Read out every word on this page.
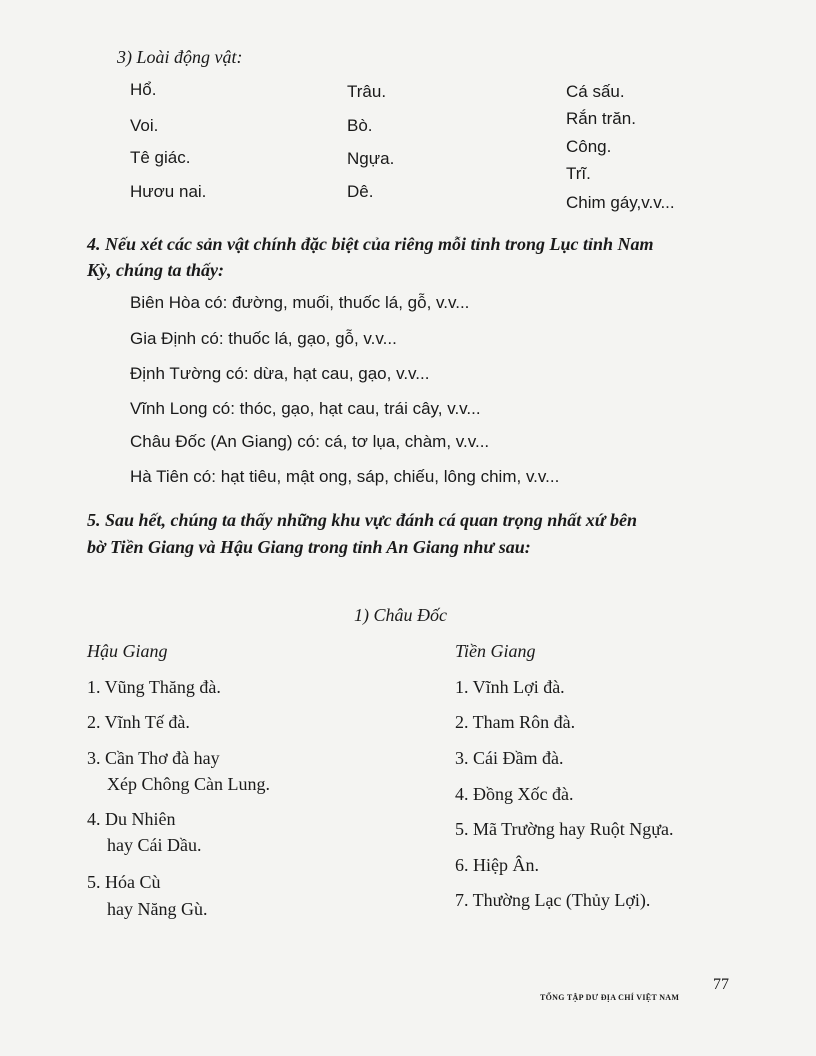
3) Loài động vật:
Hổ.
Voi.
Tê giác.
Hươu nai.
Trâu.
Bò.
Ngựa.
Dê.
Cá sấu.
Rắn trăn.
Công.
Trĩ.
Chim gáy,v.v...
4. Nếu xét các sản vật chính đặc biệt của riêng mỗi tỉnh trong Lục tỉnh Nam
Kỳ, chúng ta thấy:
Biên Hòa có: đường, muối, thuốc lá, gỗ, v.v...
Gia Định có: thuốc lá, gạo, gỗ, v.v...
Định Tường có: dừa, hạt cau, gạo, v.v...
Vĩnh Long có: thóc, gạo, hạt cau, trái cây, v.v...
Châu Đốc (An Giang) có: cá, tơ lụa, chàm, v.v...
Hà Tiên có: hạt tiêu, mật ong, sáp, chiếu, lông chim, v.v...
5. Sau hết, chúng ta thấy những khu vực đánh cá quan trọng nhất xứ bên
bờ Tiền Giang và Hậu Giang trong tỉnh An Giang như sau:
1) Châu Đốc
Hậu Giang
1. Vũng Thăng đà.
2. Vĩnh Tế đà.
3. Cần Thơ đà hay
Xép Chông Càn Lung.
4. Du Nhiên
hay Cái Dầu.
5. Hóa Cù
hay Năng Gù.
Tiền Giang
1. Vĩnh Lợi đà.
2. Tham Rôn đà.
3. Cái Đầm đà.
4. Đồng Xốc đà.
5. Mã Trường hay Ruột Ngựa.
6. Hiệp Ân.
7. Thường Lạc (Thủy Lợi).
77
TỔNG TẬP DƯ ĐỊA CHÍ VIỆT NAM
